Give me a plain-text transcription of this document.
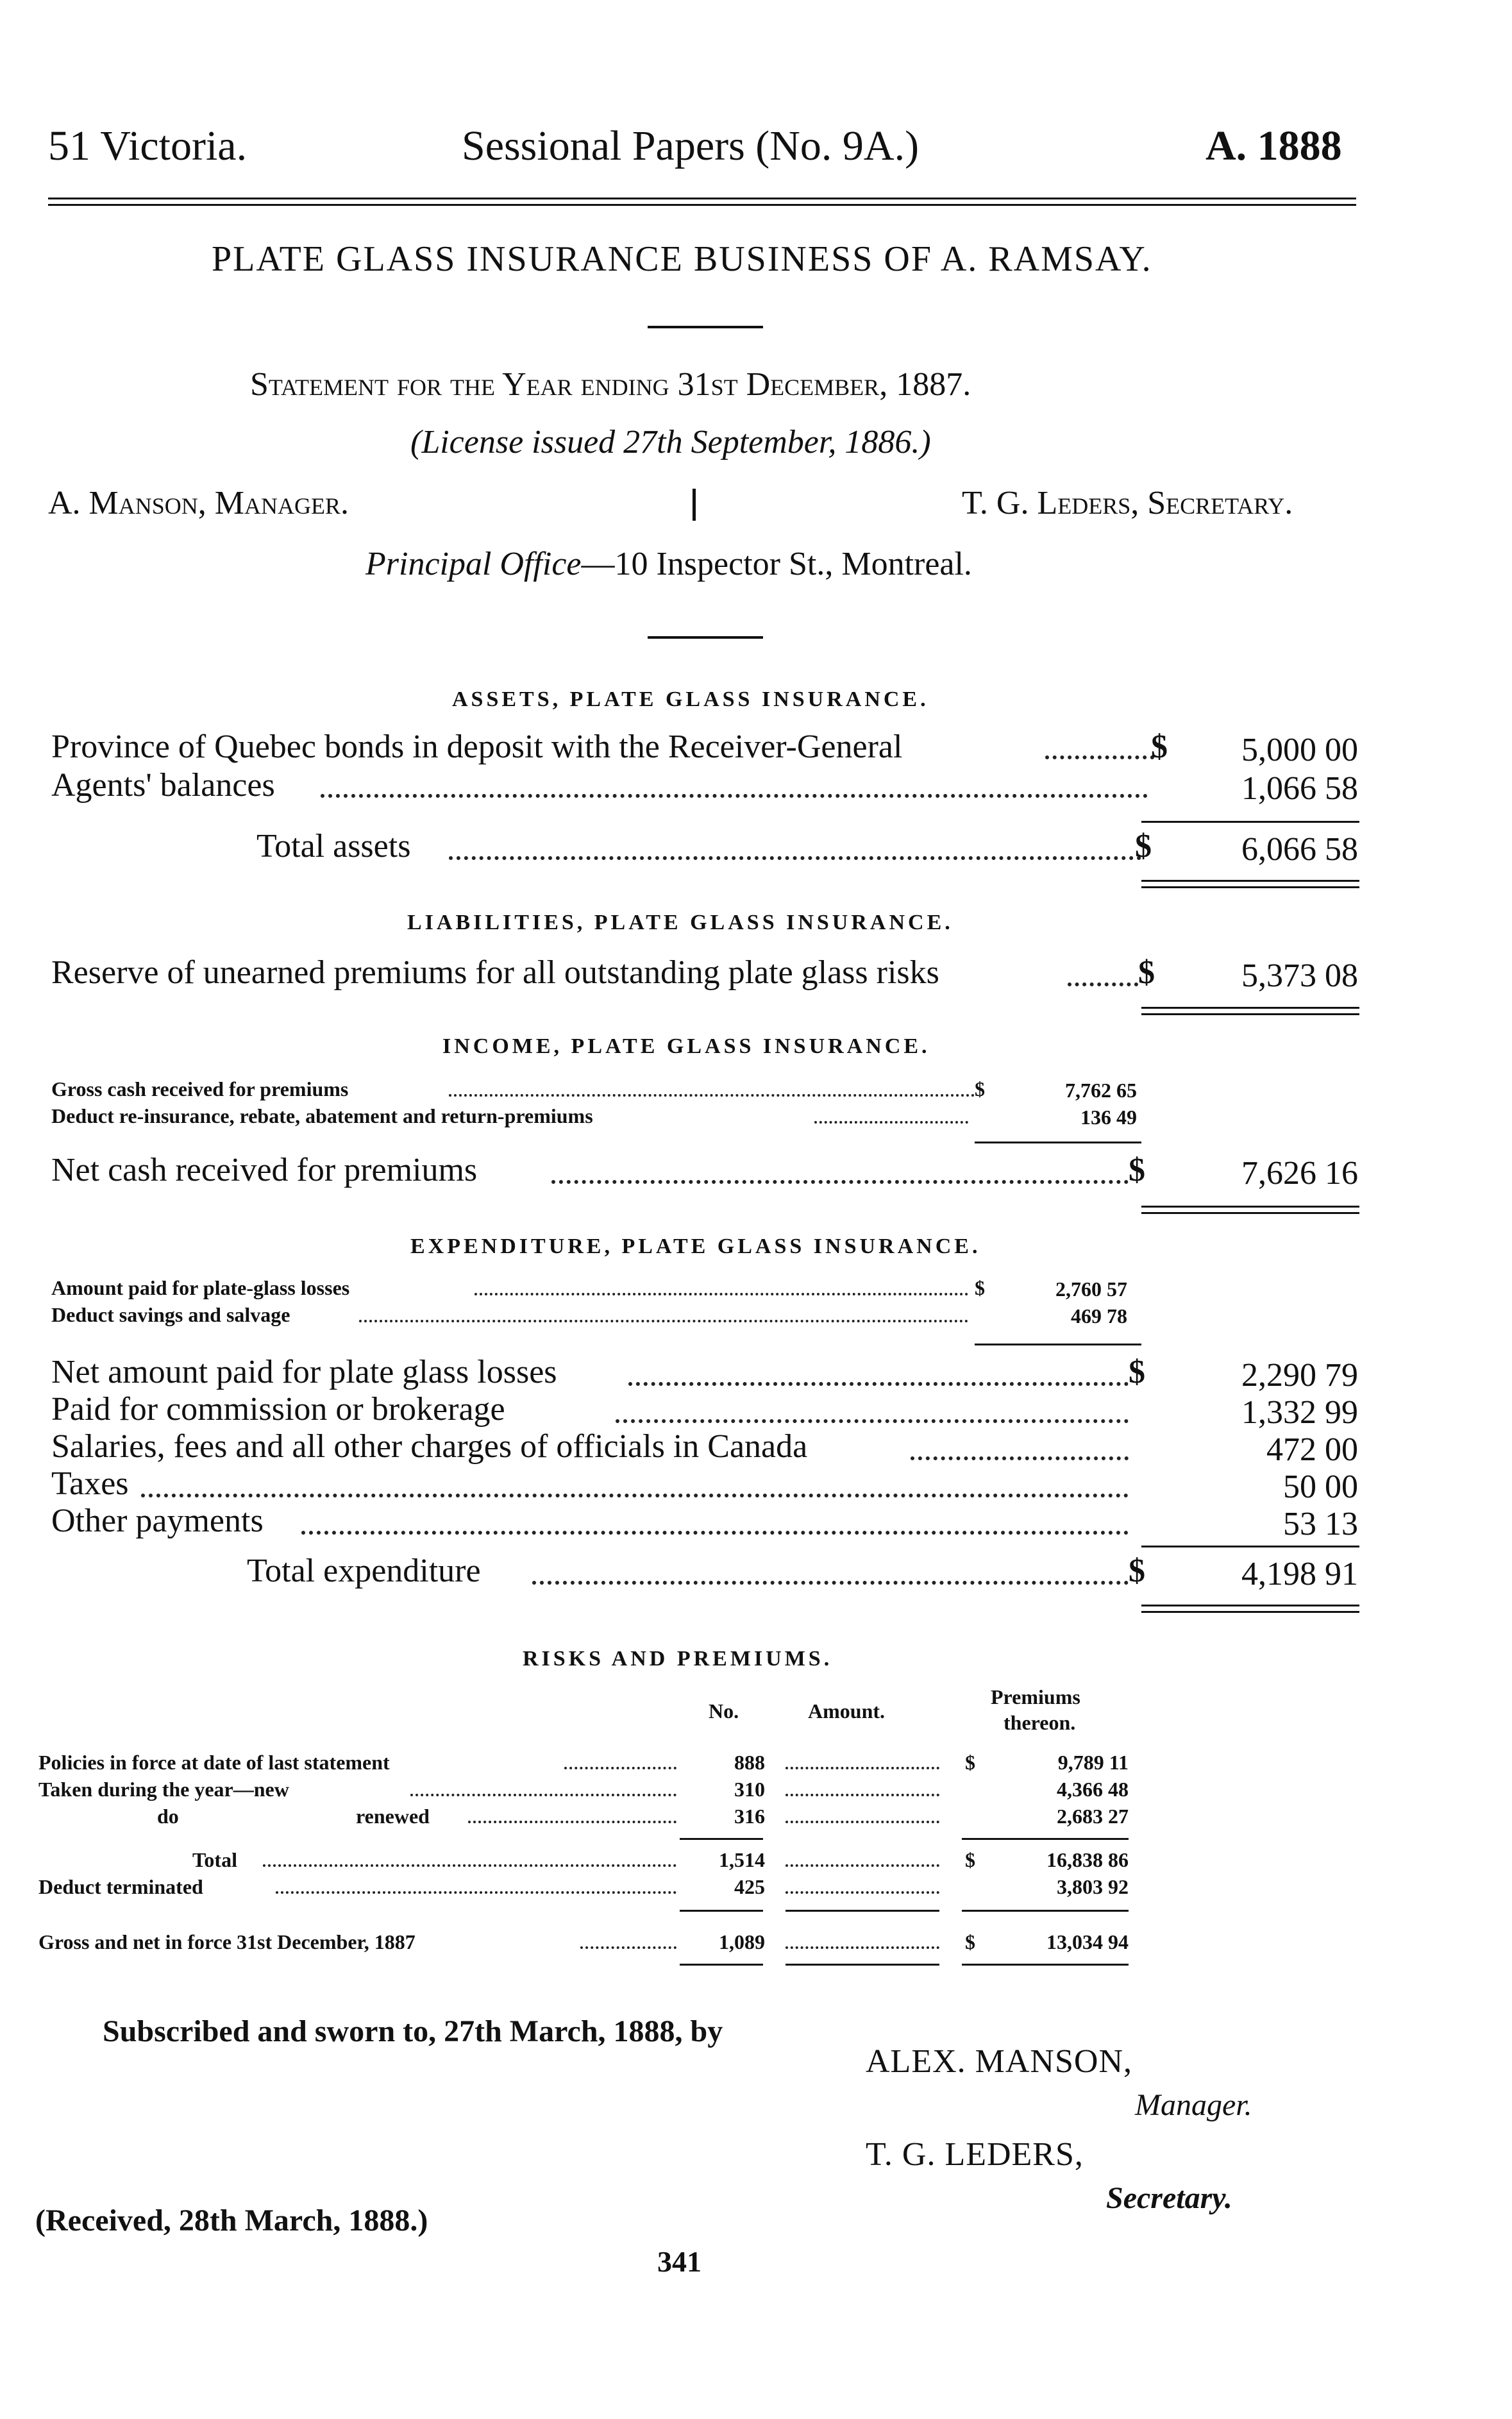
51 Victoria.	Sessional Papers (No. 9A.)	A. 1888
PLATE GLASS INSURANCE BUSINESS OF A. RAMSAY.
Statement for the Year ending 31st December, 1887.
(License issued 27th September, 1886.)
A. Manson, Manager.	T. G. Leders, Secretary.
Principal Office—10 Inspector St., Montreal.
ASSETS, PLATE GLASS INSURANCE.
Province of Quebec bonds in deposit with the Receiver-General	$ 5,000 00
Agents' balances	1,066 58
Total assets	$	6,066 58
LIABILITIES, PLATE GLASS INSURANCE.
Reserve of unearned premiums for all outstanding plate glass risks	$	5,373 08
INCOME, PLATE GLASS INSURANCE.
Gross cash received for premiums	$	7,762 65
Deduct re-insurance, rebate, abatement and return-premiums	136 49
Net cash received for premiums	$	7,626 16
EXPENDITURE, PLATE GLASS INSURANCE.
Amount paid for plate-glass losses	$	2,760 57
Deduct savings and salvage	469 78
Net amount paid for plate glass losses	$	2,290 79
Paid for commission or brokerage	1,332 99
Salaries, fees and all other charges of officials in Canada	472 00
Taxes	50 00
Other payments	53 13
Total expenditure	$	4,198 91
RISKS AND PREMIUMS.
No.	Amount.
Premiums
thereon.
Policies in force at date of last statement	888	$	9,789 11
Taken during the year—new	310	4,366 48
do	renewed	316	2,683 27
Total	1,514	$	16,838 86
Deduct terminated	425	3,803 92
Gross and net in force 31st December, 1887	1,089	$	13,034 94
Subscribed and sworn to, 27th March, 1888, by
ALEX. MANSON,
Manager.
T. G. LEDERS,
Secretary.
(Received, 28th March, 1888.)
341
